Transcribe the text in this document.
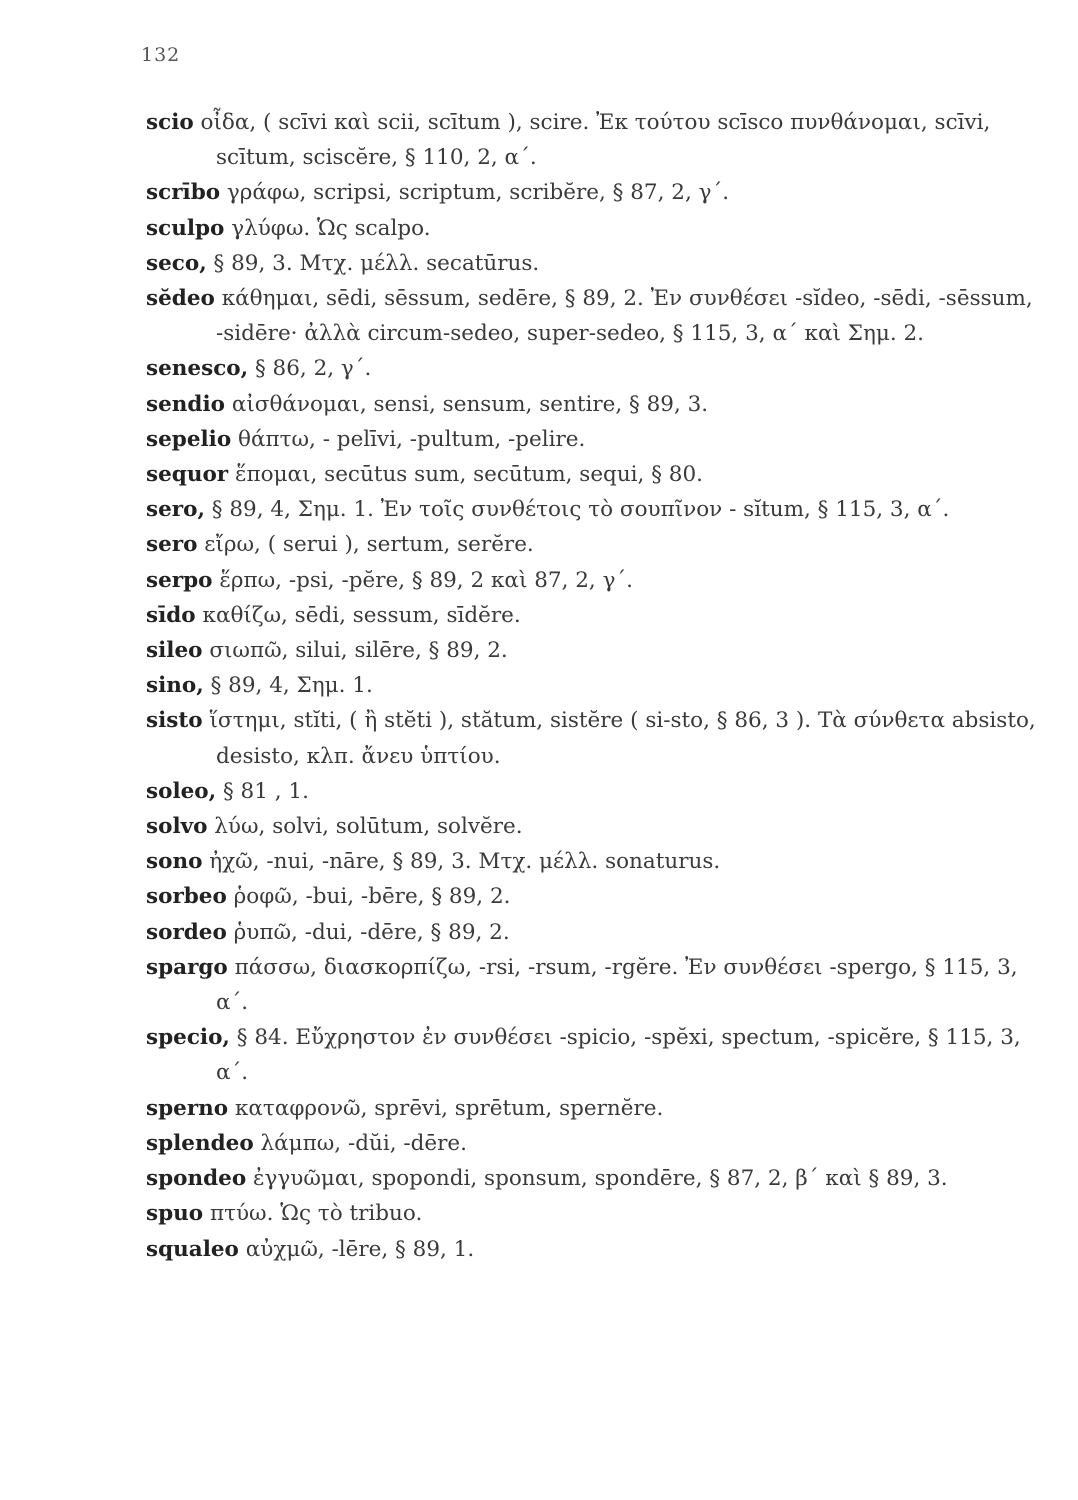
132
scio οἶδα, ( scīvi καὶ scii, scītum ), scire. Ἐκ τούτου scīsco πυνθάνομαι, scīvi, scītum, sciscĕre, § 110, 2, α΄.
scrībo γράφω, scripsi, scriptum, scribĕre, § 87, 2, γ΄.
sculpo γλύφω. Ὡς scalpo.
seco, § 89, 3. Μτχ. μέλλ. secatūrus.
sĕdeo κάθημαι, sēdi, sēssum, sedēre, § 89, 2. Ἐν συνθέσει -sĭdeo, -sēdi, -sēssum, -sidēre· ἀλλὰ circum-sedeo, super-sedeo, § 115, 3, α΄ καὶ Σημ. 2.
senesco, § 86, 2, γ΄.
sendio αἰσθάνομαι, sensi, sensum, sentire, § 89, 3.
sepelio θάπτω, - pelīvi, -pultum, -pelire.
sequor ἕπομαι, secūtus sum, secūtum, sequi, § 80.
sero, § 89, 4, Σημ. 1. Ἐν τοῖς συνθέτοις τὸ σουπῖνον - sĭtum, § 115, 3, α΄.
sero εἴρω, ( serui ), sertum, serĕre.
serpo ἕρπω, -psi, -pĕre, § 89, 2 καὶ 87, 2, γ΄.
sīdo καθίζω, sēdi, sessum, sīdĕre.
sileo σιωπῶ, silui, silēre, § 89, 2.
sino, § 89, 4, Σημ. 1.
sisto ἵστημι, stĭti, ( ἢ stĕti ), stătum, sistĕre ( si-sto, § 86, 3 ). Τὰ σύνθετα absisto, desisto, κλπ. ἄνευ ὑπτίου.
soleo, § 81 , 1.
solvo λύω, solvi, solūtum, solvĕre.
sono ἠχῶ, -nui, -nāre, § 89, 3. Μτχ. μέλλ. sonaturus.
sorbeo ῥοφῶ, -bui, -bēre, § 89, 2.
sordeo ῥυπῶ, -dui, -dēre, § 89, 2.
spargo πάσσω, διασκορπίζω, -rsi, -rsum, -rgĕre. Ἐν συνθέσει -spergo, § 115, 3, α΄.
specio, § 84. Εὔχρηστον ἐν συνθέσει -spicio, -spĕxi, spectum, -spicĕre, § 115, 3, α΄.
sperno καταφρονῶ, sprēvi, sprētum, spernĕre.
splendeo λάμπω, -dŭi, -dēre.
spondeo ἐγγυῶμαι, spopondi, sponsum, spondēre, § 87, 2, β΄ καὶ § 89, 3.
spuo πτύω. Ὡς τὸ tribuo.
squaleo αὐχμῶ, -lēre, § 89, 1.
